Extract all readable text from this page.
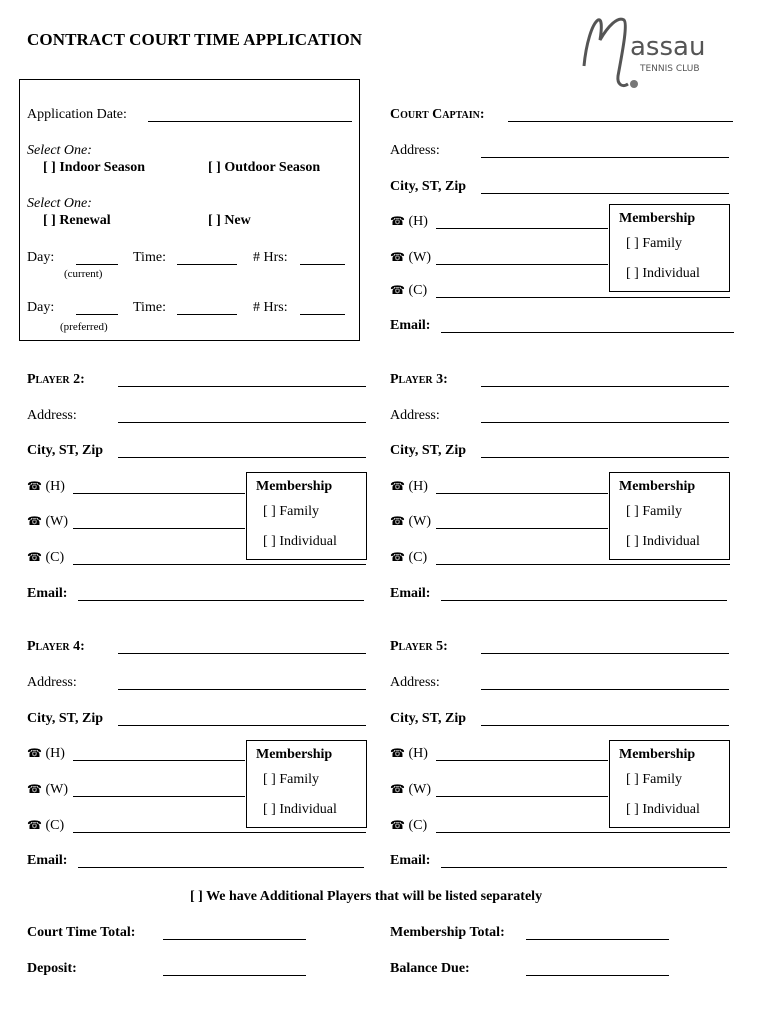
CONTRACT COURT TIME APPLICATION	assau
TENNIS CLUB
Application Date:
Select One:
[ ] Indoor Season	[ ] Outdoor Season
Select One:
[ ] Renewal	[ ] New
Day:	Time:	# Hrs:
(current)
Day:	Time:	# Hrs:
(preferred)
Court Captain:
Address:
City, ST, Zip
☎ (H)
☎ (W)
☎ (C)
Email:
Membership
[ ] Family
[ ] Individual
Player 2:
Address:
City, ST, Zip
☎ (H)
☎ (W)
☎ (C)
Email:
Membership
[ ] Family
[ ] Individual
Player 3:
Address:
City, ST, Zip
☎ (H)
☎ (W)
☎ (C)
Email:
Membership
[ ] Family
[ ] Individual
Player 4:
Address:
City, ST, Zip
☎ (H)
☎ (W)
☎ (C)
Email:
Membership
[ ] Family
[ ] Individual
Player 5:
Address:
City, ST, Zip
☎ (H)
☎ (W)
☎ (C)
Email:
Membership
[ ] Family
[ ] Individual
[ ] We have Additional Players that will be listed separately
Court Time Total:	Membership Total:
Deposit:	Balance Due:
